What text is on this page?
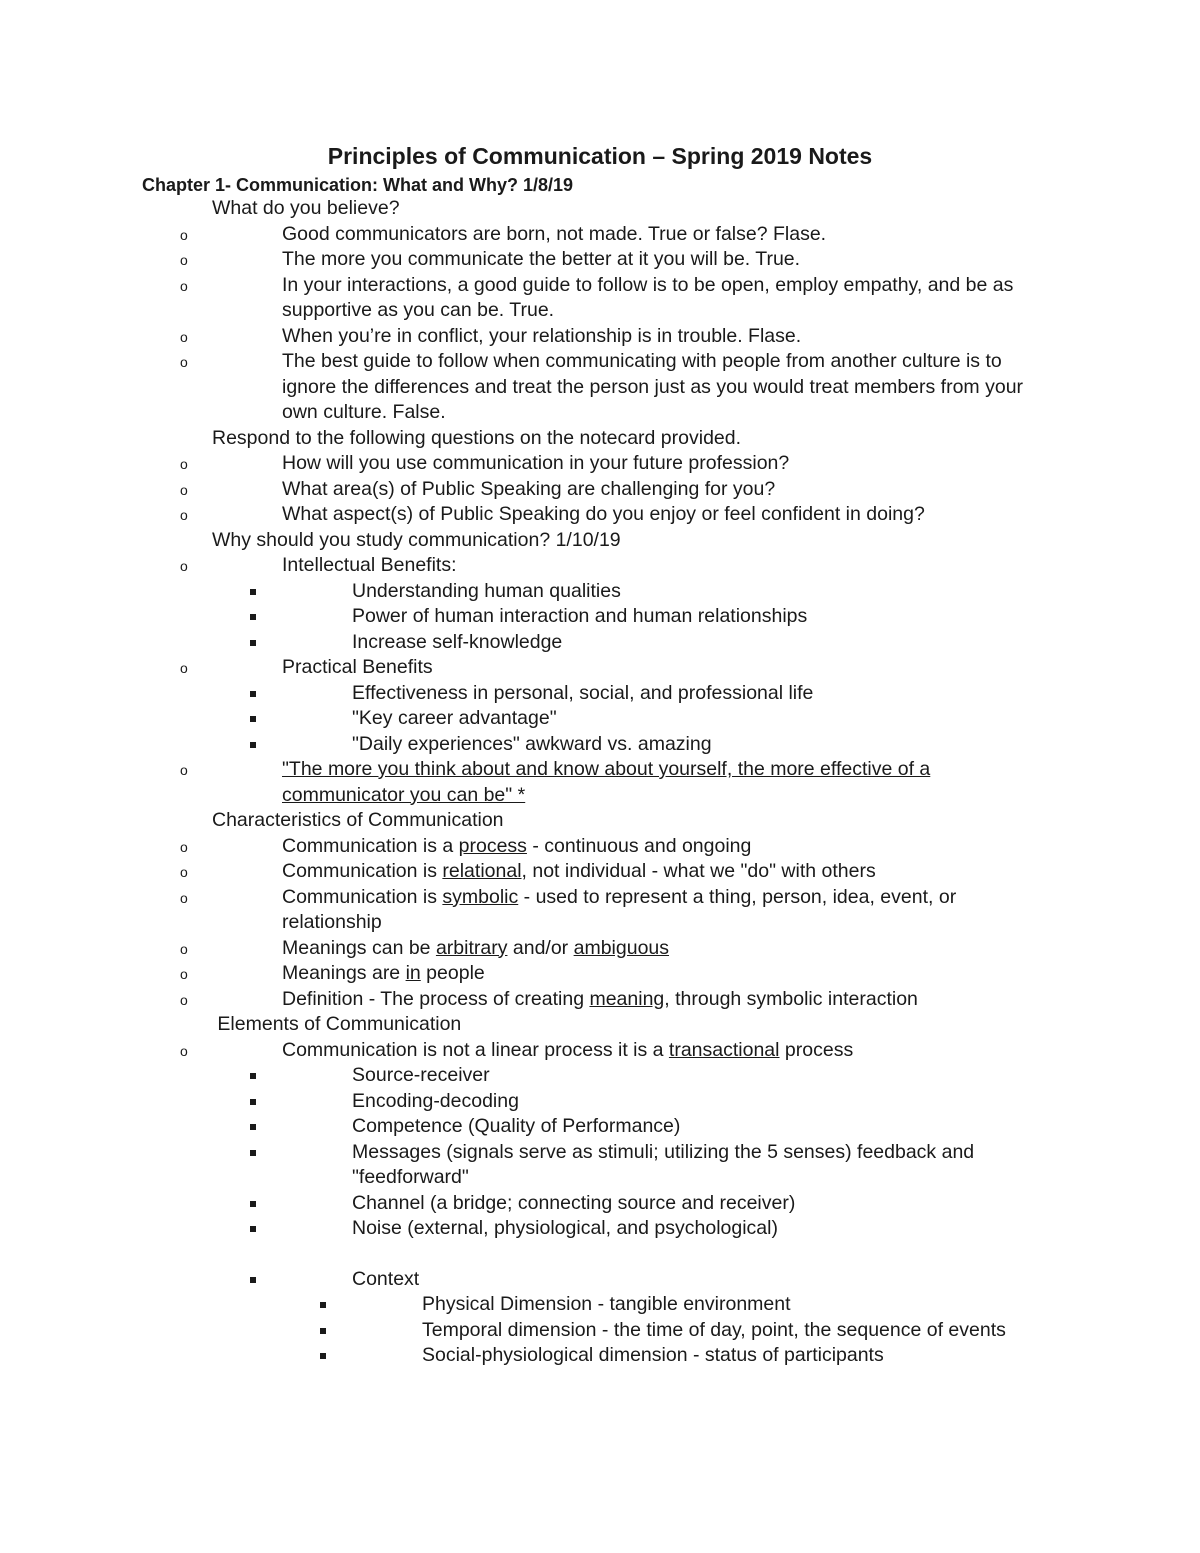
Principles of Communication – Spring 2019 Notes
Chapter 1- Communication: What and Why? 1/8/19
What do you believe?
o	Good communicators are born, not made. True or false? Flase.
o	The more you communicate the better at it you will be. True.
o	In your interactions, a good guide to follow is to be open, employ empathy, and be as supportive as you can be. True.
o	When you’re in conflict, your relationship is in trouble. Flase.
o	The best guide to follow when communicating with people from another culture is to ignore the differences and treat the person just as you would treat members from your own culture. False.
Respond to the following questions on the notecard provided.
o	How will you use communication in your future profession?
o	What area(s) of Public Speaking are challenging for you?
o	What aspect(s) of Public Speaking do you enjoy or feel confident in doing?
Why should you study communication? 1/10/19
o	Intellectual Benefits:
Understanding human qualities
Power of human interaction and human relationships
Increase self-knowledge
o	Practical Benefits
Effectiveness in personal, social, and professional life
"Key career advantage"
"Daily experiences" awkward vs. amazing
o	"The more you think about and know about yourself, the more effective of a communicator you can be" *
Characteristics of Communication
o	Communication is a process - continuous and ongoing
o	Communication is relational, not individual - what we "do" with others
o	Communication is symbolic - used to represent a thing, person, idea, event, or relationship
o	Meanings can be arbitrary and/or ambiguous
o	Meanings are in people
o	Definition - The process of creating meaning, through symbolic interaction
Elements of Communication
o	Communication is not a linear process it is a transactional process
Source-receiver
Encoding-decoding
Competence (Quality of Performance)
Messages (signals serve as stimuli; utilizing the 5 senses) feedback and "feedforward"
Channel (a bridge; connecting source and receiver)
Noise (external, physiological, and psychological)
Context
Physical Dimension - tangible environment
Temporal dimension - the time of day, point, the sequence of events
Social-physiological dimension - status of participants
